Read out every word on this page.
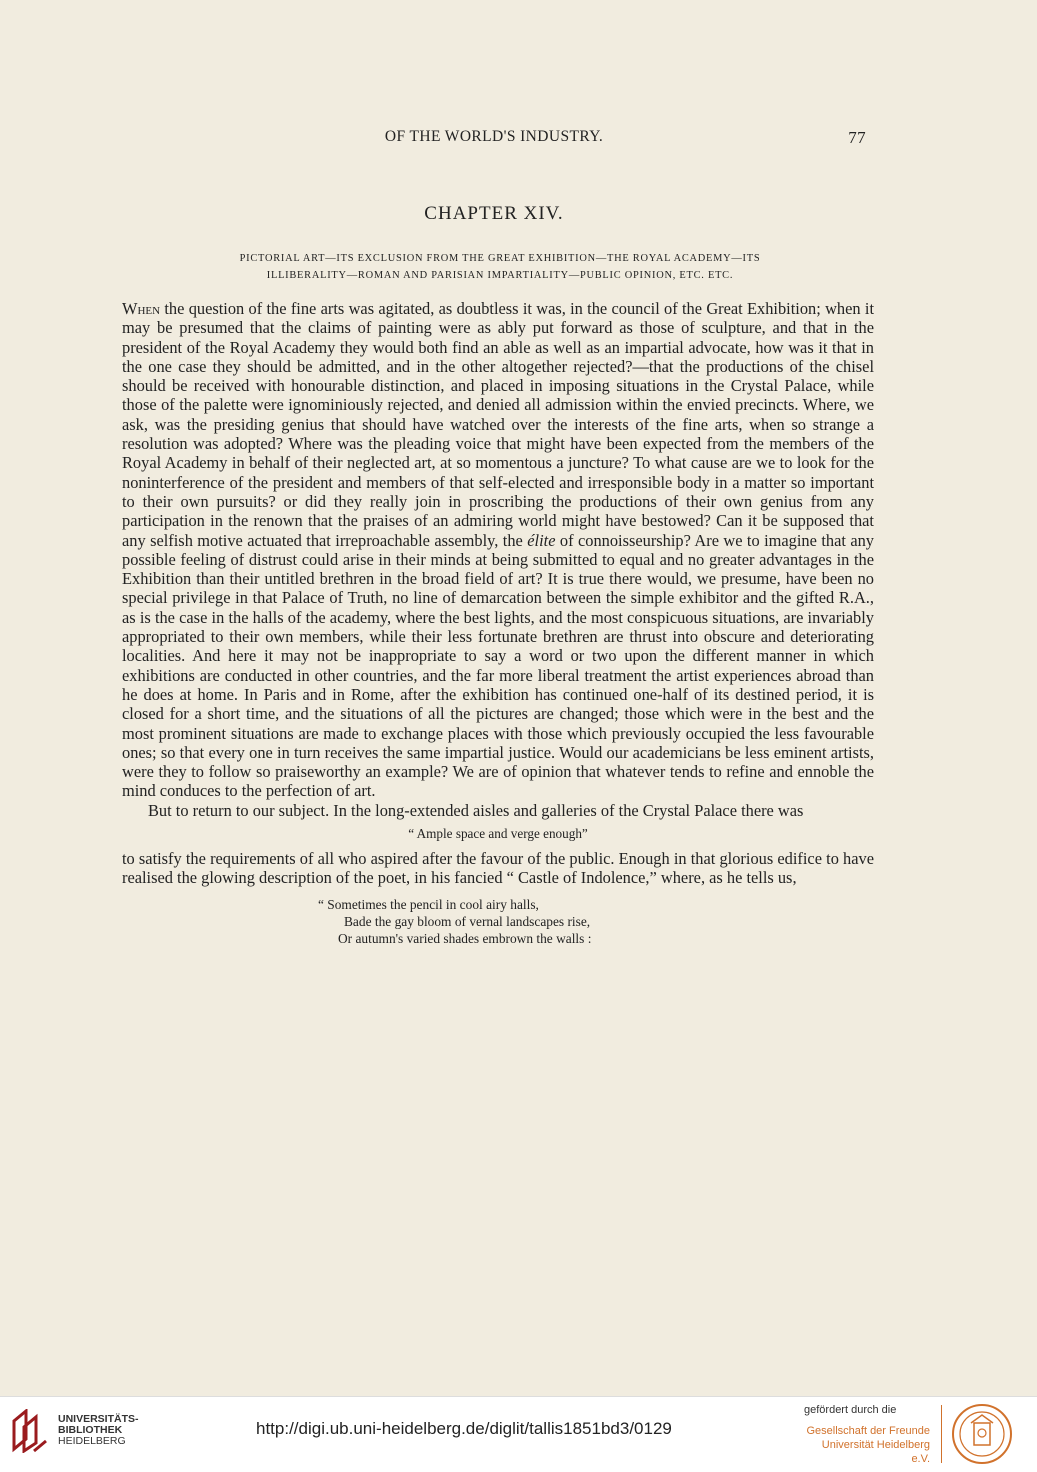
OF THE WORLD'S INDUSTRY.	77
CHAPTER XIV.
PICTORIAL ART—ITS EXCLUSION FROM THE GREAT EXHIBITION—THE ROYAL ACADEMY—ITS
ILLIBERALITY—ROMAN AND PARISIAN IMPARTIALITY—PUBLIC OPINION, ETC. ETC.

When the question of the fine arts was agitated, as doubtless it was, in the council of the Great Exhibition; when it may be presumed that the claims of painting were as ably put forward as those of sculpture, and that in the president of the Royal Academy they would both find an able as well as an impartial advocate, how was it that in the one case they should be admitted, and in the other altogether rejected?—that the productions of the chisel should be received with honourable distinction, and placed in imposing situations in the Crystal Palace, while those of the palette were ignominiously rejected, and denied all admission within the envied precincts. Where, we ask, was the presiding genius that should have watched over the interests of the fine arts, when so strange a resolution was adopted? Where was the pleading voice that might have been expected from the members of the Royal Academy in behalf of their neglected art, at so momentous a juncture? To what cause are we to look for the noninterference of the president and members of that self-elected and irresponsible body in a matter so important to their own pursuits? or did they really join in proscribing the productions of their own genius from any participation in the renown that the praises of an admiring world might have bestowed? Can it be supposed that any selfish motive actuated that irreproachable assembly, the élite of connoisseurship? Are we to imagine that any possible feeling of distrust could arise in their minds at being submitted to equal and no greater advantages in the Exhibition than their untitled brethren in the broad field of art? It is true there would, we presume, have been no special privilege in that Palace of Truth, no line of demarcation between the simple exhibitor and the gifted R.A., as is the case in the halls of the academy, where the best lights, and the most conspicuous situations, are invariably appropriated to their own members, while their less fortunate brethren are thrust into obscure and deteriorating localities. And here it may not be inappropriate to say a word or two upon the different manner in which exhibitions are conducted in other countries, and the far more liberal treatment the artist experiences abroad than he does at home. In Paris and in Rome, after the exhibition has continued one-half of its destined period, it is closed for a short time, and the situations of all the pictures are changed; those which were in the best and the most prominent situations are made to exchange places with those which previously occupied the less favourable ones; so that every one in turn receives the same impartial justice. Would our academicians be less eminent artists, were they to follow so praiseworthy an example? We are of opinion that whatever tends to refine and ennoble the mind conduces to the perfection of art.

But to return to our subject. In the long-extended aisles and galleries of the Crystal Palace there was

“ Ample space and verge enough”

to satisfy the requirements of all who aspired after the favour of the public. Enough in that glorious edifice to have realised the glowing description of the poet, in his fancied “ Castle of Indolence,” where, as he tells us,

“ Sometimes the pencil in cool airy halls,
Bade the gay bloom of vernal landscapes rise,
Or autumn's varied shades embrown the walls :
UNIVERSITÄTS-
BIBLIOTHEK
HEIDELBERG
http://digi.ub.uni-heidelberg.de/diglit/tallis1851bd3/0129
gefördert durch die
Gesellschaft der Freunde
Universität Heidelberg e.V.
